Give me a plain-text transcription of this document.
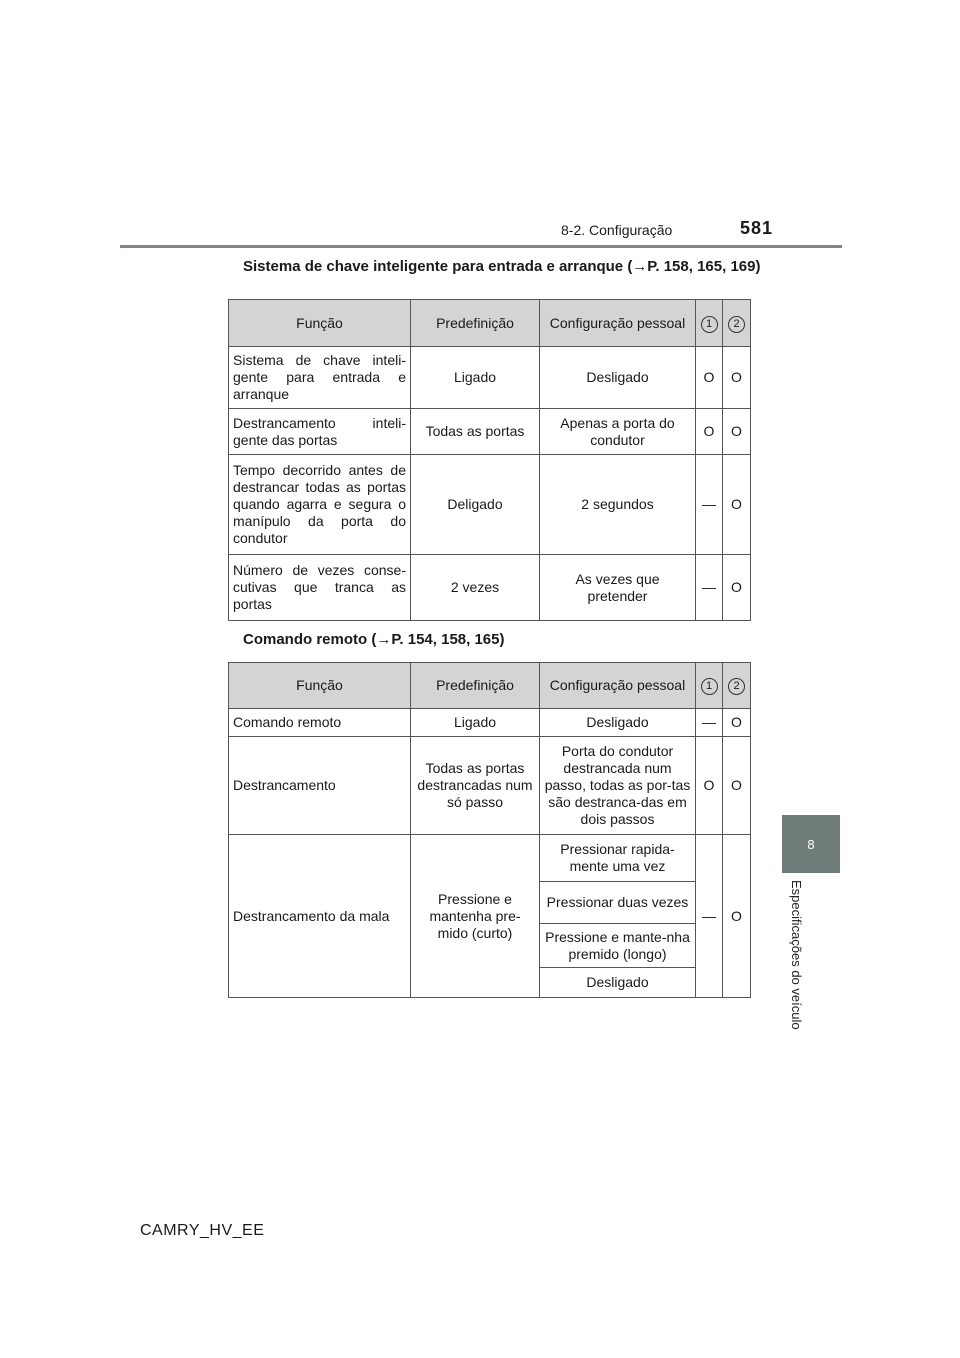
8-2. Configuração	581
8
Especificações do veículo
Sistema de chave inteligente para entrada e arranque (→P. 158, 165, 169)
Função	Predefinição	Configuração pessoal	1	2
Sistema de chave inteli-gente para entrada e arranque	Ligado	Desligado	O	O
Destrancamento inteli-gente das portas	Todas as portas	Apenas a porta do condutor	O	O
Tempo decorrido antes de destrancar todas as portas quando agarra e segura o manípulo da porta do condutor	Deligado	2 segundos	—	O
Número de vezes conse-cutivas que tranca as portas	2 vezes	As vezes que pretender	—	O
Comando remoto (→P. 154, 158, 165)
Função	Predefinição	Configuração pessoal	1	2
Comando remoto	Ligado	Desligado	—	O
Destrancamento	Todas as portas destrancadas num só passo	Porta do condutor destrancada num passo, todas as por-tas são destranca-das em dois passos	O	O
Destrancamento da mala	Pressione e mantenha pre-mido (curto)	Pressionar rapida-mente uma vez	—	O
		Pressionar duas vezes		
		Pressione e mante-nha premido (longo)		
		Desligado		
CAMRY_HV_EE
